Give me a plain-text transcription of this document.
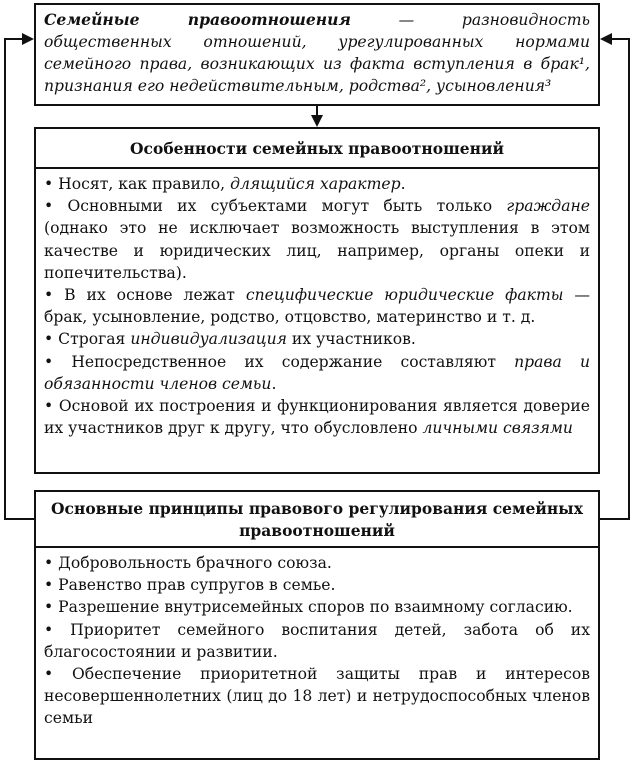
Семейные правоотношения — разновидность общественных отношений, урегулированных нормами семейного права, возникающих из факта вступления в брак¹, признания его недействительным, родства², усыновления³
Особенности семейных правоотношений
• Носят, как правило, длящийся характер.
• Основными их субъектами могут быть только граждане (однако это не исключает возможность выступления в этом качестве и юридических лиц, например, органы опеки и попечительства).
• В их основе лежат специфические юридические факты — брак, усыновление, родство, отцовство, материнство и т. д.
• Строгая индивидуализация их участников.
• Непосредственное их содержание составляют права и обязанности членов семьи.
• Основой их построения и функционирования является доверие их участников друг к другу, что обусловлено личными связями
Основные принципы правового регулирования семейных правоотношений
• Добровольность брачного союза.
• Равенство прав супругов в семье.
• Разрешение внутрисемейных споров по взаимному согласию.
• Приоритет семейного воспитания детей, забота об их благосостоянии и развитии.
• Обеспечение приоритетной защиты прав и интересов несовершеннолетних (лиц до 18 лет) и нетрудоспособных членов семьи
